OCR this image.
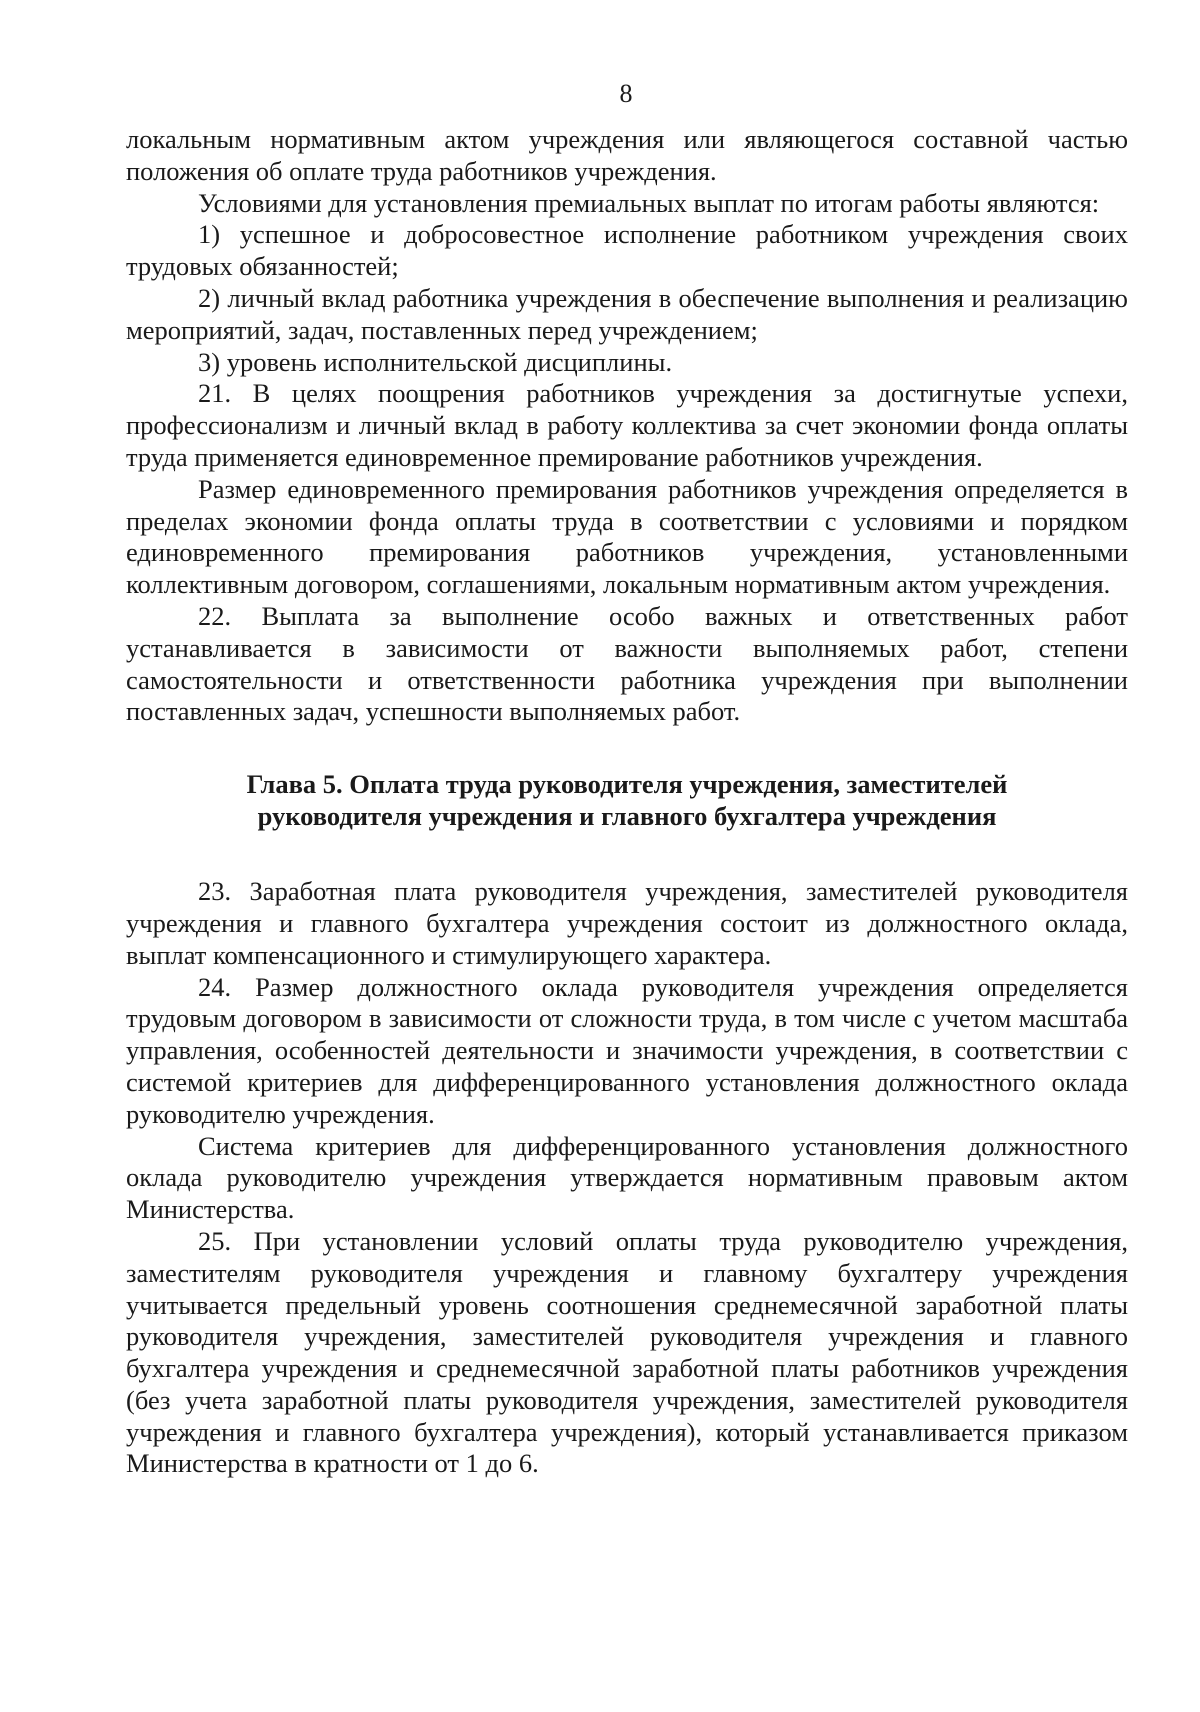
8

локальным нормативным актом учреждения или являющегося составной частью положения об оплате труда работников учреждения.

Условиями для установления премиальных выплат по итогам работы являются:

1) успешное и добросовестное исполнение работником учреждения своих трудовых обязанностей;

2) личный вклад работника учреждения в обеспечение выполнения и реализацию мероприятий, задач, поставленных перед учреждением;

3) уровень исполнительской дисциплины.

21. В целях поощрения работников учреждения за достигнутые успехи, профессионализм и личный вклад в работу коллектива за счет экономии фонда оплаты труда применяется единовременное премирование работников учреждения.

Размер единовременного премирования работников учреждения определяется в пределах экономии фонда оплаты труда в соответствии с условиями и порядком единовременного премирования работников учреждения, установленными коллективным договором, соглашениями, локальным нормативным актом учреждения.

22. Выплата за выполнение особо важных и ответственных работ устанавливается в зависимости от важности выполняемых работ, степени самостоятельности и ответственности работника учреждения при выполнении поставленных задач, успешности выполняемых работ.

Глава 5. Оплата труда руководителя учреждения, заместителей
руководителя учреждения и главного бухгалтера учреждения

23. Заработная плата руководителя учреждения, заместителей руководителя учреждения и главного бухгалтера учреждения состоит из должностного оклада, выплат компенсационного и стимулирующего характера.

24. Размер должностного оклада руководителя учреждения определяется трудовым договором в зависимости от сложности труда, в том числе с учетом масштаба управления, особенностей деятельности и значимости учреждения, в соответствии с системой критериев для дифференцированного установления должностного оклада руководителю учреждения.

Система критериев для дифференцированного установления должностного оклада руководителю учреждения утверждается нормативным правовым актом Министерства.

25. При установлении условий оплаты труда руководителю учреждения, заместителям руководителя учреждения и главному бухгалтеру учреждения учитывается предельный уровень соотношения среднемесячной заработной платы руководителя учреждения, заместителей руководителя учреждения и главного бухгалтера учреждения и среднемесячной заработной платы работников учреждения (без учета заработной платы руководителя учреждения, заместителей руководителя учреждения и главного бухгалтера учреждения), который устанавливается приказом Министерства в кратности от 1 до 6.
